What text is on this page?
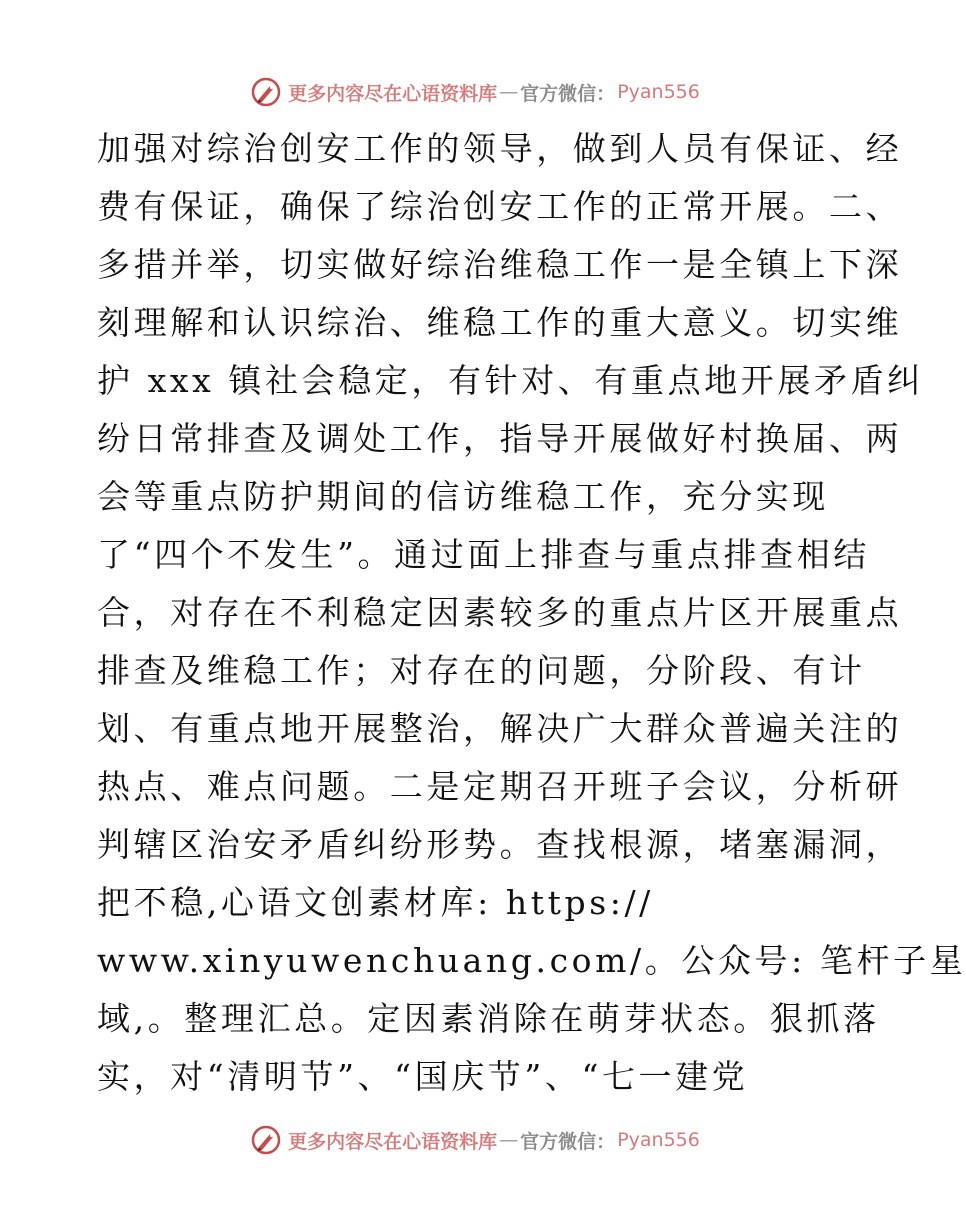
更多内容尽在心语资料库 — 官方微信： Pyan556
加强对综治创安工作的领导，做到人员有保证、经
费有保证，确保了综治创安工作的正常开展。二、
多措并举，切实做好综治维稳工作一是全镇上下深
刻理解和认识综治、维稳工作的重大意义。切实维
护 xxx 镇社会稳定，有针对、有重点地开展矛盾纠
纷日常排查及调处工作，指导开展做好村换届、两
会等重点防护期间的信访维稳工作，充分实现
了“四个不发生”。通过面上排查与重点排查相结
合，对存在不利稳定因素较多的重点片区开展重点
排查及维稳工作；对存在的问题，分阶段、有计
划、有重点地开展整治，解决广大群众普遍关注的
热点、难点问题。二是定期召开班子会议，分析研
判辖区治安矛盾纠纷形势。查找根源，堵塞漏洞，
把不稳,心语文创素材库: https://
www.xinyuwenchuang.com/。公众号: 笔杆子星
域,。整理汇总。定因素消除在萌芽状态。狠抓落
实，对“清明节”、“国庆节”、“七一建党
更多内容尽在心语资料库 — 官方微信： Pyan556
